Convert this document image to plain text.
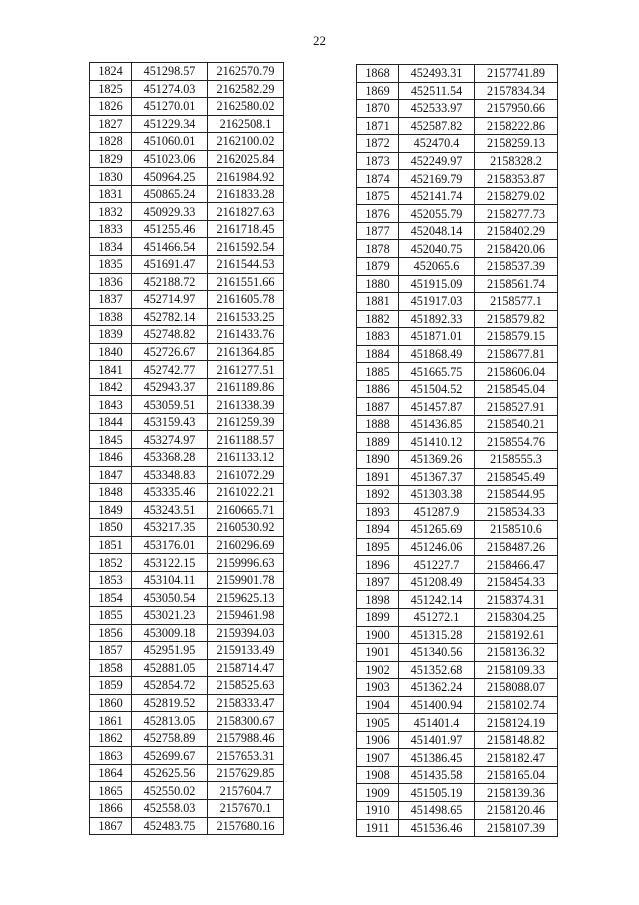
22
1824	451298.57	2162570.79
1825	451274.03	2162582.29
1826	451270.01	2162580.02
1827	451229.34	2162508.1
1828	451060.01	2162100.02
1829	451023.06	2162025.84
1830	450964.25	2161984.92
1831	450865.24	2161833.28
1832	450929.33	2161827.63
1833	451255.46	2161718.45
1834	451466.54	2161592.54
1835	451691.47	2161544.53
1836	452188.72	2161551.66
1837	452714.97	2161605.78
1838	452782.14	2161533.25
1839	452748.82	2161433.76
1840	452726.67	2161364.85
1841	452742.77	2161277.51
1842	452943.37	2161189.86
1843	453059.51	2161338.39
1844	453159.43	2161259.39
1845	453274.97	2161188.57
1846	453368.28	2161133.12
1847	453348.83	2161072.29
1848	453335.46	2161022.21
1849	453243.51	2160665.71
1850	453217.35	2160530.92
1851	453176.01	2160296.69
1852	453122.15	2159996.63
1853	453104.11	2159901.78
1854	453050.54	2159625.13
1855	453021.23	2159461.98
1856	453009.18	2159394.03
1857	452951.95	2159133.49
1858	452881.05	2158714.47
1859	452854.72	2158525.63
1860	452819.52	2158333.47
1861	452813.05	2158300.67
1862	452758.89	2157988.46
1863	452699.67	2157653.31
1864	452625.56	2157629.85
1865	452550.02	2157604.7
1866	452558.03	2157670.1
1867	452483.75	2157680.16
1868	452493.31	2157741.89
1869	452511.54	2157834.34
1870	452533.97	2157950.66
1871	452587.82	2158222.86
1872	452470.4	2158259.13
1873	452249.97	2158328.2
1874	452169.79	2158353.87
1875	452141.74	2158279.02
1876	452055.79	2158277.73
1877	452048.14	2158402.29
1878	452040.75	2158420.06
1879	452065.6	2158537.39
1880	451915.09	2158561.74
1881	451917.03	2158577.1
1882	451892.33	2158579.82
1883	451871.01	2158579.15
1884	451868.49	2158677.81
1885	451665.75	2158606.04
1886	451504.52	2158545.04
1887	451457.87	2158527.91
1888	451436.85	2158540.21
1889	451410.12	2158554.76
1890	451369.26	2158555.3
1891	451367.37	2158545.49
1892	451303.38	2158544.95
1893	451287.9	2158534.33
1894	451265.69	2158510.6
1895	451246.06	2158487.26
1896	451227.7	2158466.47
1897	451208.49	2158454.33
1898	451242.14	2158374.31
1899	451272.1	2158304.25
1900	451315.28	2158192.61
1901	451340.56	2158136.32
1902	451352.68	2158109.33
1903	451362.24	2158088.07
1904	451400.94	2158102.74
1905	451401.4	2158124.19
1906	451401.97	2158148.82
1907	451386.45	2158182.47
1908	451435.58	2158165.04
1909	451505.19	2158139.36
1910	451498.65	2158120.46
1911	451536.46	2158107.39
